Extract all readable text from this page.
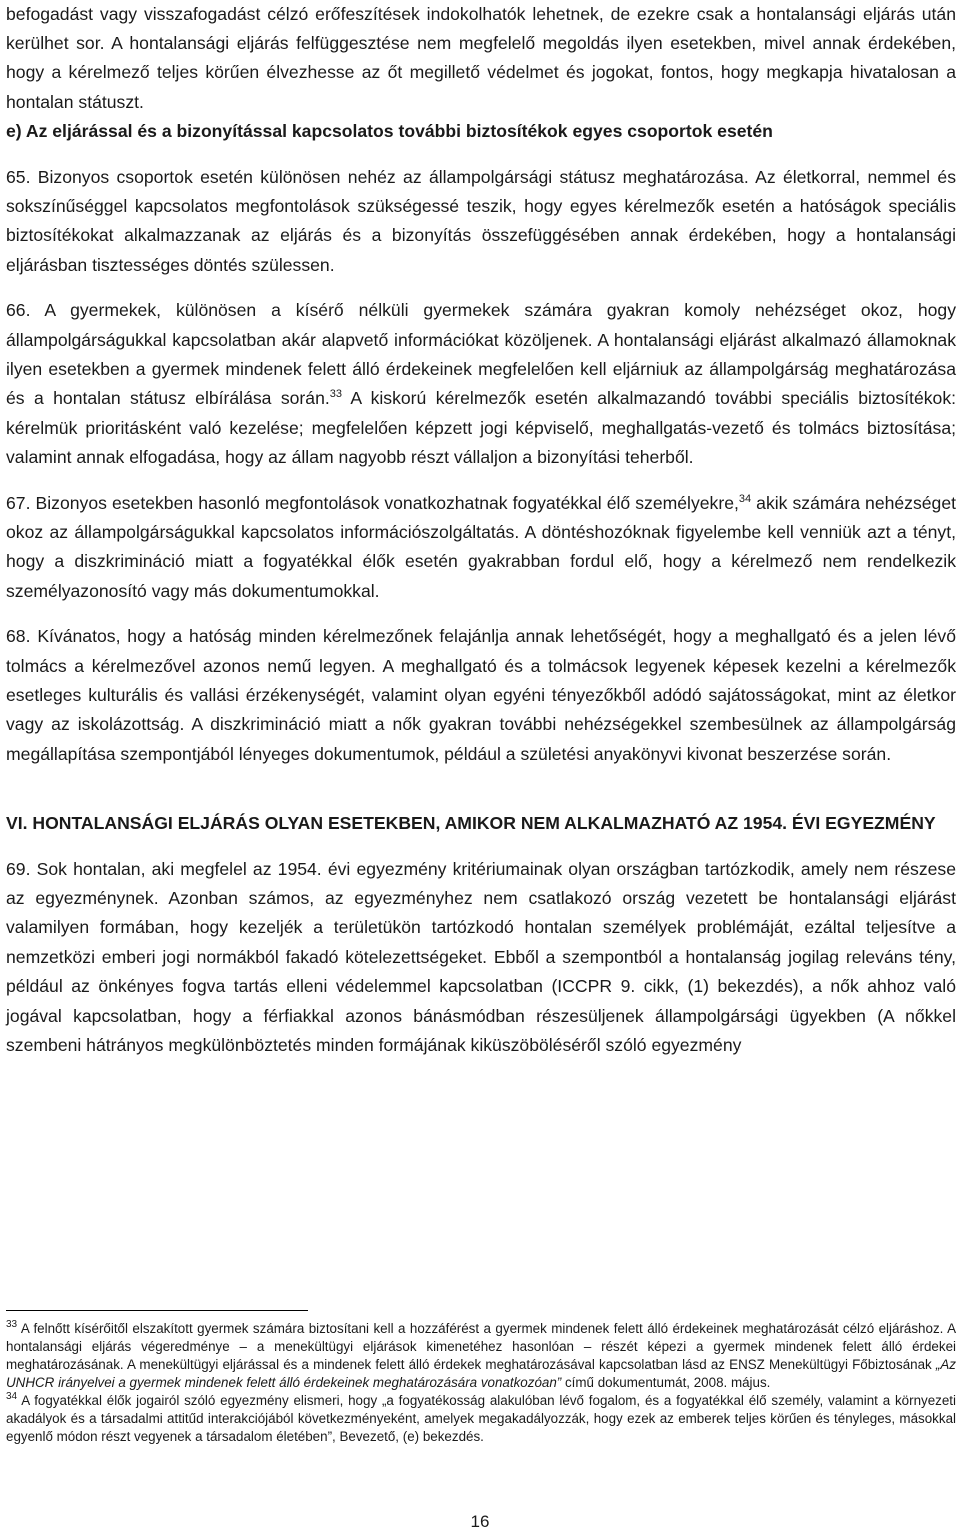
befogadást vagy visszafogadást célzó erőfeszítések indokolhatók lehetnek, de ezekre csak a hontalansági eljárás után kerülhet sor. A hontalansági eljárás felfüggesztése nem megfelelő megoldás ilyen esetekben, mivel annak érdekében, hogy a kérelmező teljes körűen élvezhesse az őt megillető védelmet és jogokat, fontos, hogy megkapja hivatalosan a hontalan státuszt.

e) Az eljárással és a bizonyítással kapcsolatos további biztosítékok egyes csoportok esetén

65. Bizonyos csoportok esetén különösen nehéz az állampolgársági státusz meghatározása. Az életkorral, nemmel és sokszínűséggel kapcsolatos megfontolások szükségessé teszik, hogy egyes kérelmezők esetén a hatóságok speciális biztosítékokat alkalmazzanak az eljárás és a bizonyítás összefüggésében annak érdekében, hogy a hontalansági eljárásban tisztességes döntés szülessen.

66. A gyermekek, különösen a kísérő nélküli gyermekek számára gyakran komoly nehézséget okoz, hogy állampolgárságukkal kapcsolatban akár alapvető információkat közöljenek. A hontalansági eljárást alkalmazó államoknak ilyen esetekben a gyermek mindenek felett álló érdekeinek megfelelően kell eljárniuk az állampolgárság meghatározása és a hontalan státusz elbírálása során.$^{33}$ A kiskorú kérelmezők esetén alkalmazandó további speciális biztosítékok: kérelmük prioritásként való kezelése; megfelelően képzett jogi képviselő, meghallgatás-vezető és tolmács biztosítása; valamint annak elfogadása, hogy az állam nagyobb részt vállaljon a bizonyítási teherből.

67. Bizonyos esetekben hasonló megfontolások vonatkozhatnak fogyatékkal élő személyekre,$^{34}$ akik számára nehézséget okoz az állampolgárságukkal kapcsolatos információszolgáltatás. A döntéshozóknak figyelembe kell venniük azt a tényt, hogy a diszkrimináció miatt a fogyatékkal élők esetén gyakrabban fordul elő, hogy a kérelmező nem rendelkezik személyazonosító vagy más dokumentumokkal.

68. Kívánatos, hogy a hatóság minden kérelmezőnek felajánlja annak lehetőségét, hogy a meghallgató és a jelen lévő tolmács a kérelmezővel azonos nemű legyen. A meghallgató és a tolmácsok legyenek képesek kezelni a kérelmezők esetleges kulturális és vallási érzékenységét, valamint olyan egyéni tényezőkből adódó sajátosságokat, mint az életkor vagy az iskolázottság. A diszkrimináció miatt a nők gyakran további nehézségekkel szembesülnek az állampolgárság megállapítása szempontjából lényeges dokumentumok, például a születési anyakönyvi kivonat beszerzése során.

VI. HONTALANSÁGI ELJÁRÁS OLYAN ESETEKBEN, AMIKOR NEM ALKALMAZHATÓ AZ 1954. ÉVI EGYEZMÉNY

69. Sok hontalan, aki megfelel az 1954. évi egyezmény kritériumainak olyan országban tartózkodik, amely nem részese az egyezménynek. Azonban számos, az egyezményhez nem csatlakozó ország vezetett be hontalansági eljárást valamilyen formában, hogy kezeljék a területükön tartózkodó hontalan személyek problémáját, ezáltal teljesítve a nemzetközi emberi jogi normákból fakadó kötelezettségeket. Ebből a szempontból a hontalanság jogilag releváns tény, például az önkényes fogva tartás elleni védelemmel kapcsolatban (ICCPR 9. cikk, (1) bekezdés), a nők ahhoz való jogával kapcsolatban, hogy a férfiakkal azonos bánásmódban részesüljenek állampolgársági ügyekben (A nőkkel szembeni hátrányos megkülönböztetés minden formájának kiküszöböléséről szóló egyezmény

$^{33}$ A felnőtt kísérőitől elszakított gyermek számára biztosítani kell a hozzáférést a gyermek mindenek felett álló érdekeinek meghatározását célzó eljáráshoz. A hontalansági eljárás végeredménye – a menekültügyi eljárások kimenetéhez hasonlóan – részét képezi a gyermek mindenek felett álló érdekei meghatározásának. A menekültügyi eljárással és a mindenek felett álló érdekek meghatározásával kapcsolatban lásd az ENSZ Menekültügyi Főbiztosának „Az UNHCR irányelvei a gyermek mindenek felett álló érdekeinek meghatározására vonatkozóan” című dokumentumát, 2008. május.

$^{34}$ A fogyatékkal élők jogairól szóló egyezmény elismeri, hogy „a fogyatékosság alakulóban lévő fogalom, és a fogyatékkal élő személy, valamint a környezeti akadályok és a társadalmi attitűd interakciójából következményeként, amelyek megakadályozzák, hogy ezek az emberek teljes körűen és tényleges, másokkal egyenlő módon részt vegyenek a társadalom életében”, Bevezető, (e) bekezdés.

16
